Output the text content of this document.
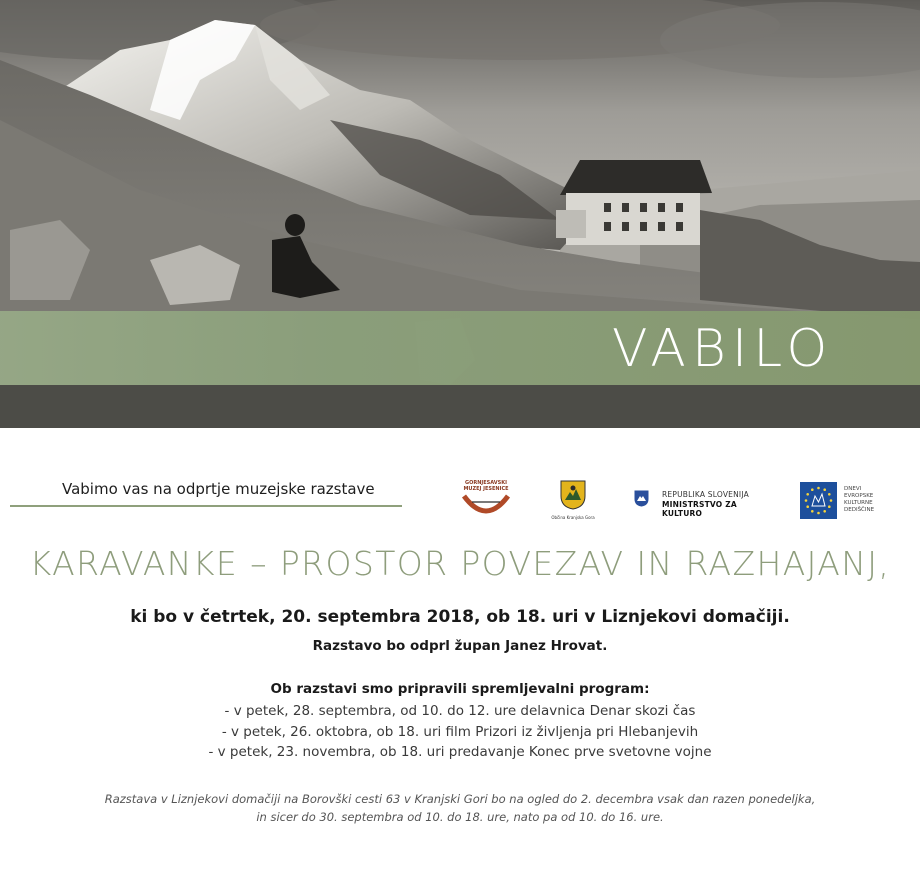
VABILO
Vabimo vas na odprtje muzejske razstave	GORNJESAVSKI MUZEJ JESENICE
Občina Kranjska Gora
REPUBLIKA SLOVENIJA
MINISTRSTVO ZA KULTURO
DNEVI EVROPSKE KULTURNE DEDIŠČINE
KARAVANKE – PROSTOR POVEZAV IN RAZHAJANJ,
ki bo v četrtek, 20. septembra 2018, ob 18. uri v Liznjekovi domačiji.
Razstavo bo odprl župan Janez Hrovat.
Ob razstavi smo pripravili spremljevalni program:
- v petek, 28. septembra, od 10. do 12. ure delavnica Denar skozi čas
- v petek, 26. oktobra, ob 18. uri film Prizori iz življenja pri Hlebanjevih
- v petek, 23. novembra, ob 18. uri predavanje Konec prve svetovne vojne
Razstava v Liznjekovi domačiji na Borovški cesti 63 v Kranjski Gori bo na ogled do 2. decembra vsak dan razen ponedeljka,
in sicer do 30. septembra od 10. do 18. ure, nato pa od 10. do 16. ure.
